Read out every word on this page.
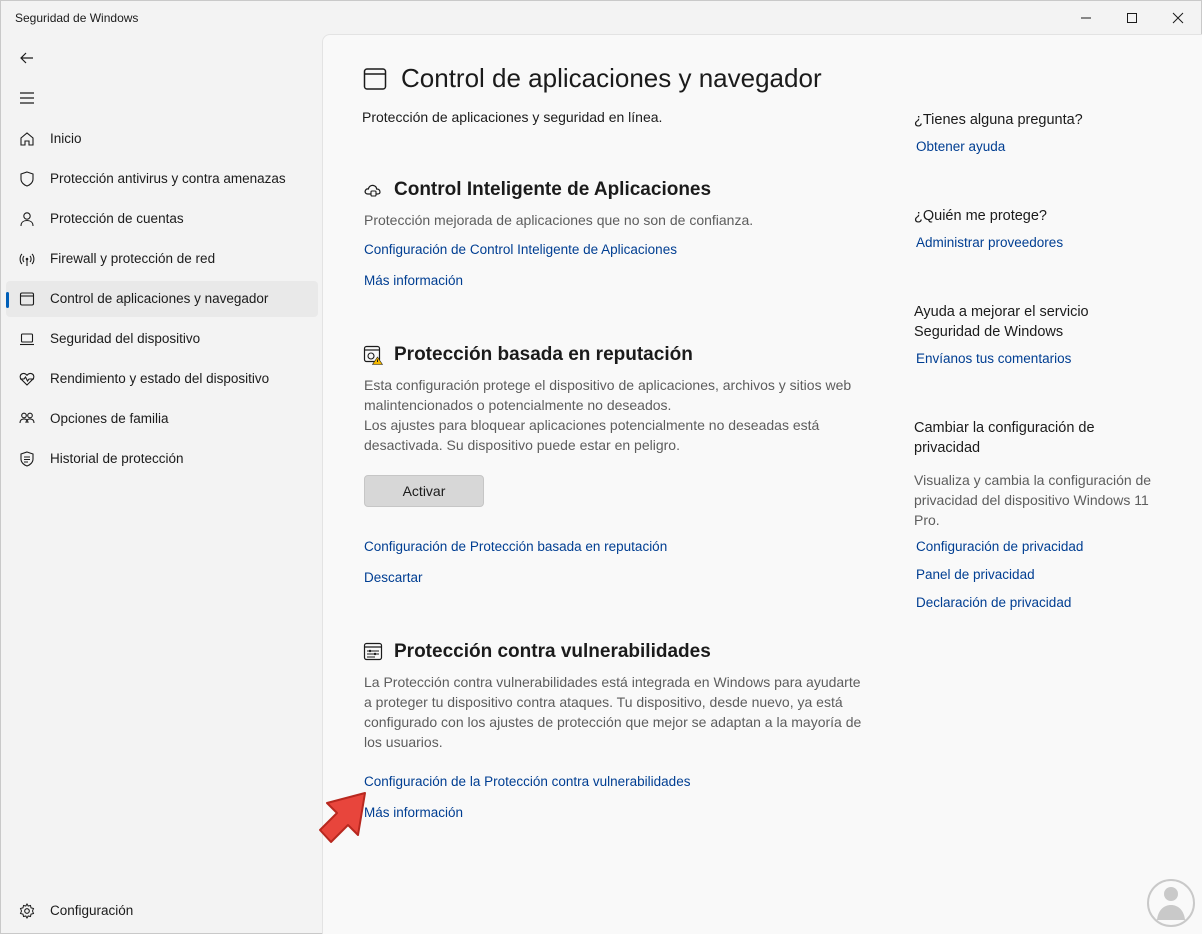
Seguridad de Windows
Inicio
Protección antivirus y contra amenazas
Protección de cuentas
Firewall y protección de red
Control de aplicaciones y navegador
Seguridad del dispositivo
Rendimiento y estado del dispositivo
Opciones de familia
Historial de protección
Configuración
Control de aplicaciones y navegador
Protección de aplicaciones y seguridad en línea.
Control Inteligente de Aplicaciones
Protección mejorada de aplicaciones que no son de confianza.
Configuración de Control Inteligente de Aplicaciones
Más información
Protección basada en reputación
Esta configuración protege el dispositivo de aplicaciones, archivos y sitios web malintencionados o potencialmente no deseados.
Los ajustes para bloquear aplicaciones potencialmente no deseadas está desactivada. Su dispositivo puede estar en peligro.
Activar
Configuración de Protección basada en reputación
Descartar
Protección contra vulnerabilidades
La Protección contra vulnerabilidades está integrada en Windows para ayudarte a proteger tu dispositivo contra ataques. Tu dispositivo, desde nuevo, ya está configurado con los ajustes de protección que mejor se adaptan a la mayoría de los usuarios.
Configuración de la Protección contra vulnerabilidades
Más información
¿Tienes alguna pregunta?
Obtener ayuda
¿Quién me protege?
Administrar proveedores
Ayuda a mejorar el servicio Seguridad de Windows
Envíanos tus comentarios
Cambiar la configuración de privacidad
Visualiza y cambia la configuración de privacidad del dispositivo Windows 11 Pro.
Configuración de privacidad
Panel de privacidad
Declaración de privacidad
